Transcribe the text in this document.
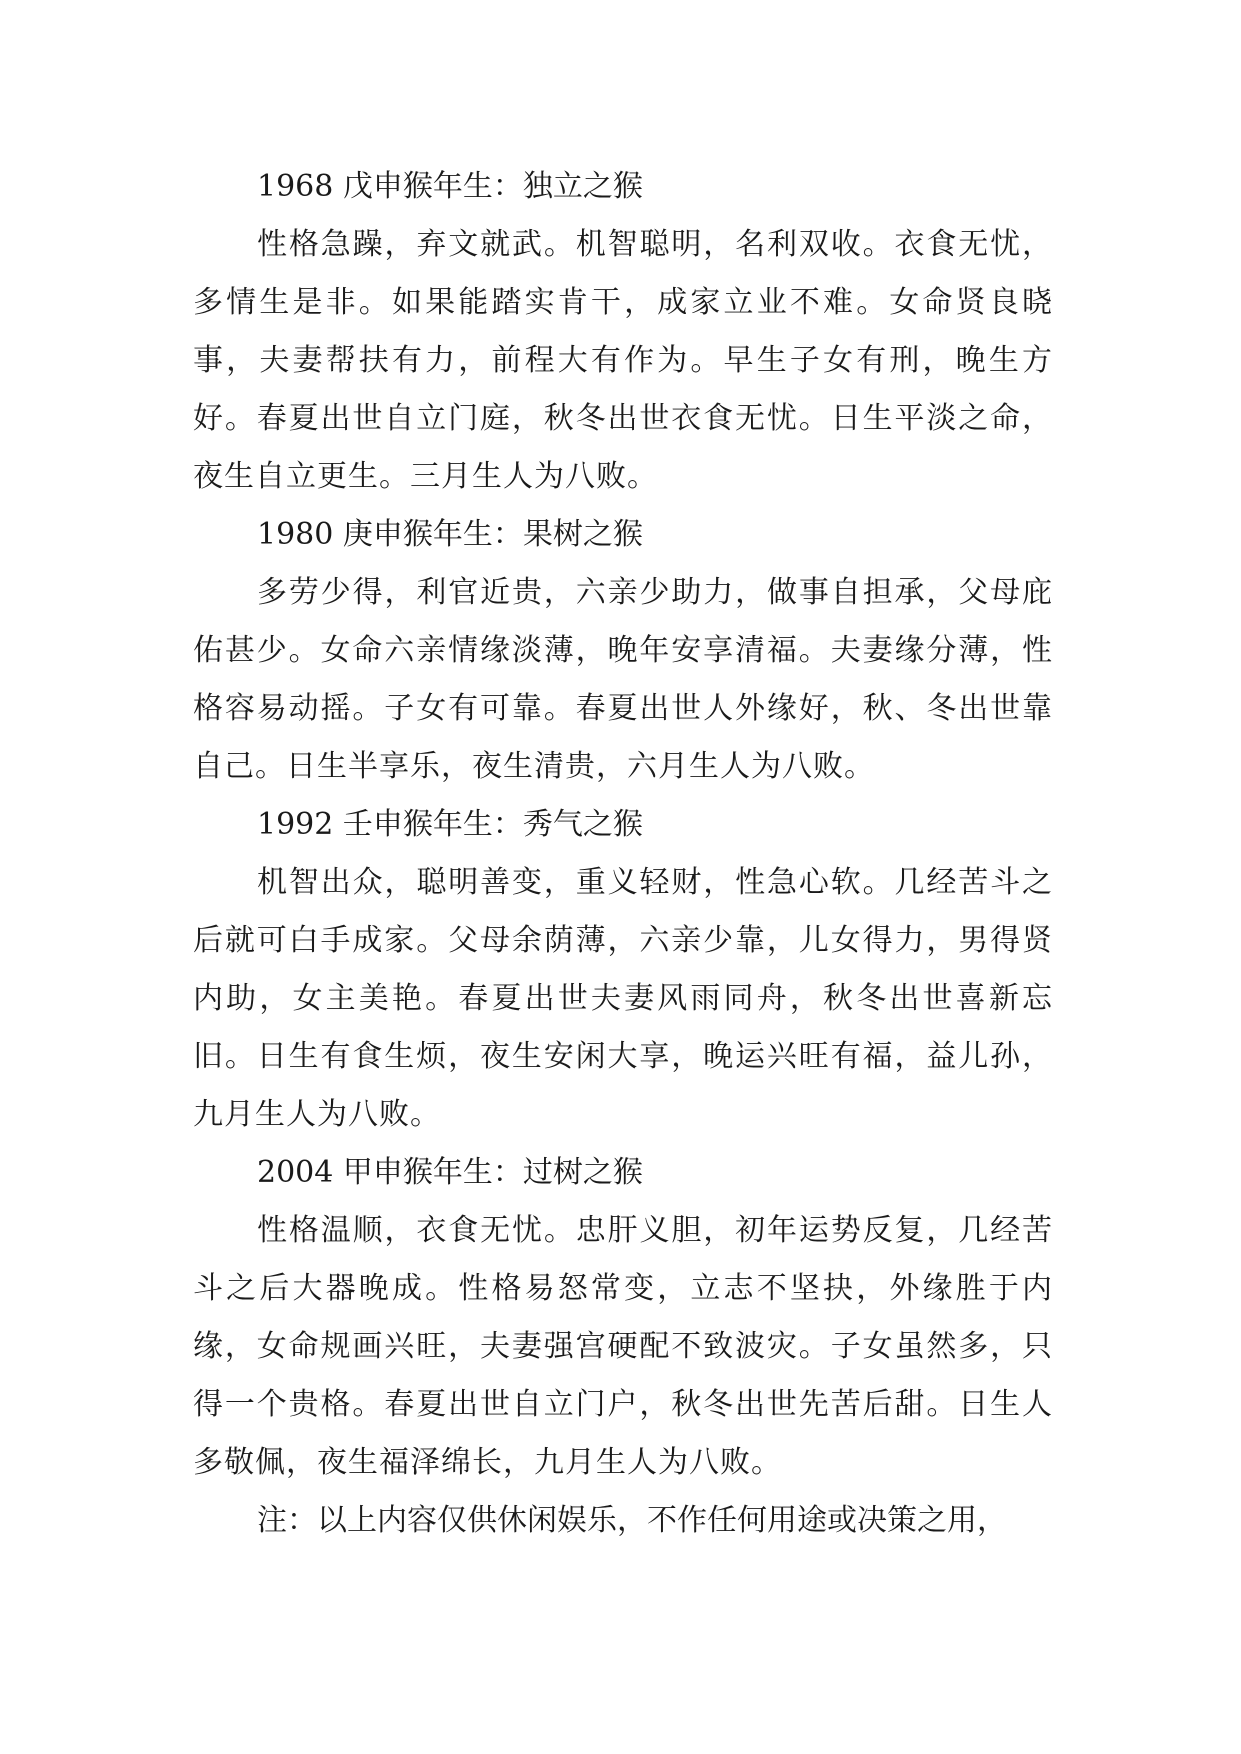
1968 戊申猴年生：独立之猴

性格急躁，弃文就武。机智聪明，名利双收。衣食无忧，多情生是非。如果能踏实肯干，成家立业不难。女命贤良晓事，夫妻帮扶有力，前程大有作为。早生子女有刑，晚生方好。春夏出世自立门庭，秋冬出世衣食无忧。日生平淡之命，夜生自立更生。三月生人为八败。

1980 庚申猴年生：果树之猴

多劳少得，利官近贵，六亲少助力，做事自担承，父母庇佑甚少。女命六亲情缘淡薄，晚年安享清福。夫妻缘分薄，性格容易动摇。子女有可靠。春夏出世人外缘好，秋、冬出世靠自己。日生半享乐，夜生清贵，六月生人为八败。

1992 壬申猴年生：秀气之猴

机智出众，聪明善变，重义轻财，性急心软。几经苦斗之后就可白手成家。父母余荫薄，六亲少靠，儿女得力，男得贤内助，女主美艳。春夏出世夫妻风雨同舟，秋冬出世喜新忘旧。日生有食生烦，夜生安闲大享，晚运兴旺有福，益儿孙，九月生人为八败。

2004 甲申猴年生：过树之猴

性格温顺，衣食无忧。忠肝义胆，初年运势反复，几经苦斗之后大器晚成。性格易怒常变，立志不坚抉，外缘胜于内缘，女命规画兴旺，夫妻强宫硬配不致波灾。子女虽然多，只得一个贵格。春夏出世自立门户，秋冬出世先苦后甜。日生人多敬佩，夜生福泽绵长，九月生人为八败。

注：以上内容仅供休闲娱乐，不作任何用途或决策之用，
